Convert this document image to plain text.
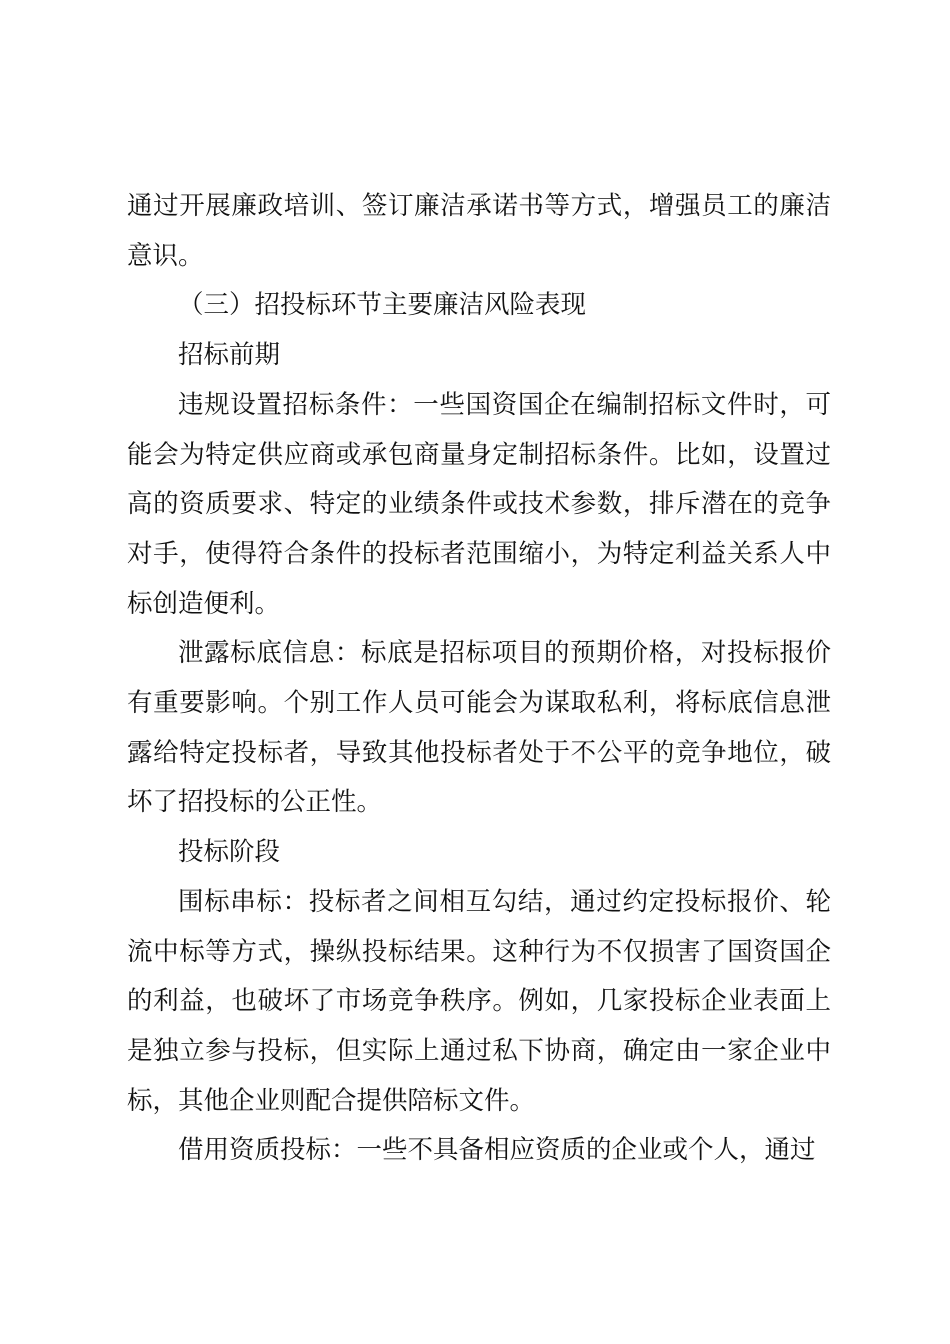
通过开展廉政培训、签订廉洁承诺书等方式，增强员工的廉洁意识。

（三）招投标环节主要廉洁风险表现

招标前期

违规设置招标条件：一些国资国企在编制招标文件时，可能会为特定供应商或承包商量身定制招标条件。比如，设置过高的资质要求、特定的业绩条件或技术参数，排斥潜在的竞争对手，使得符合条件的投标者范围缩小，为特定利益关系人中标创造便利。

泄露标底信息：标底是招标项目的预期价格，对投标报价有重要影响。个别工作人员可能会为谋取私利，将标底信息泄露给特定投标者，导致其他投标者处于不公平的竞争地位，破坏了招投标的公正性。

投标阶段

围标串标：投标者之间相互勾结，通过约定投标报价、轮流中标等方式，操纵投标结果。这种行为不仅损害了国资国企的利益，也破坏了市场竞争秩序。例如，几家投标企业表面上是独立参与投标，但实际上通过私下协商，确定由一家企业中标，其他企业则配合提供陪标文件。

借用资质投标：一些不具备相应资质的企业或个人，通过
